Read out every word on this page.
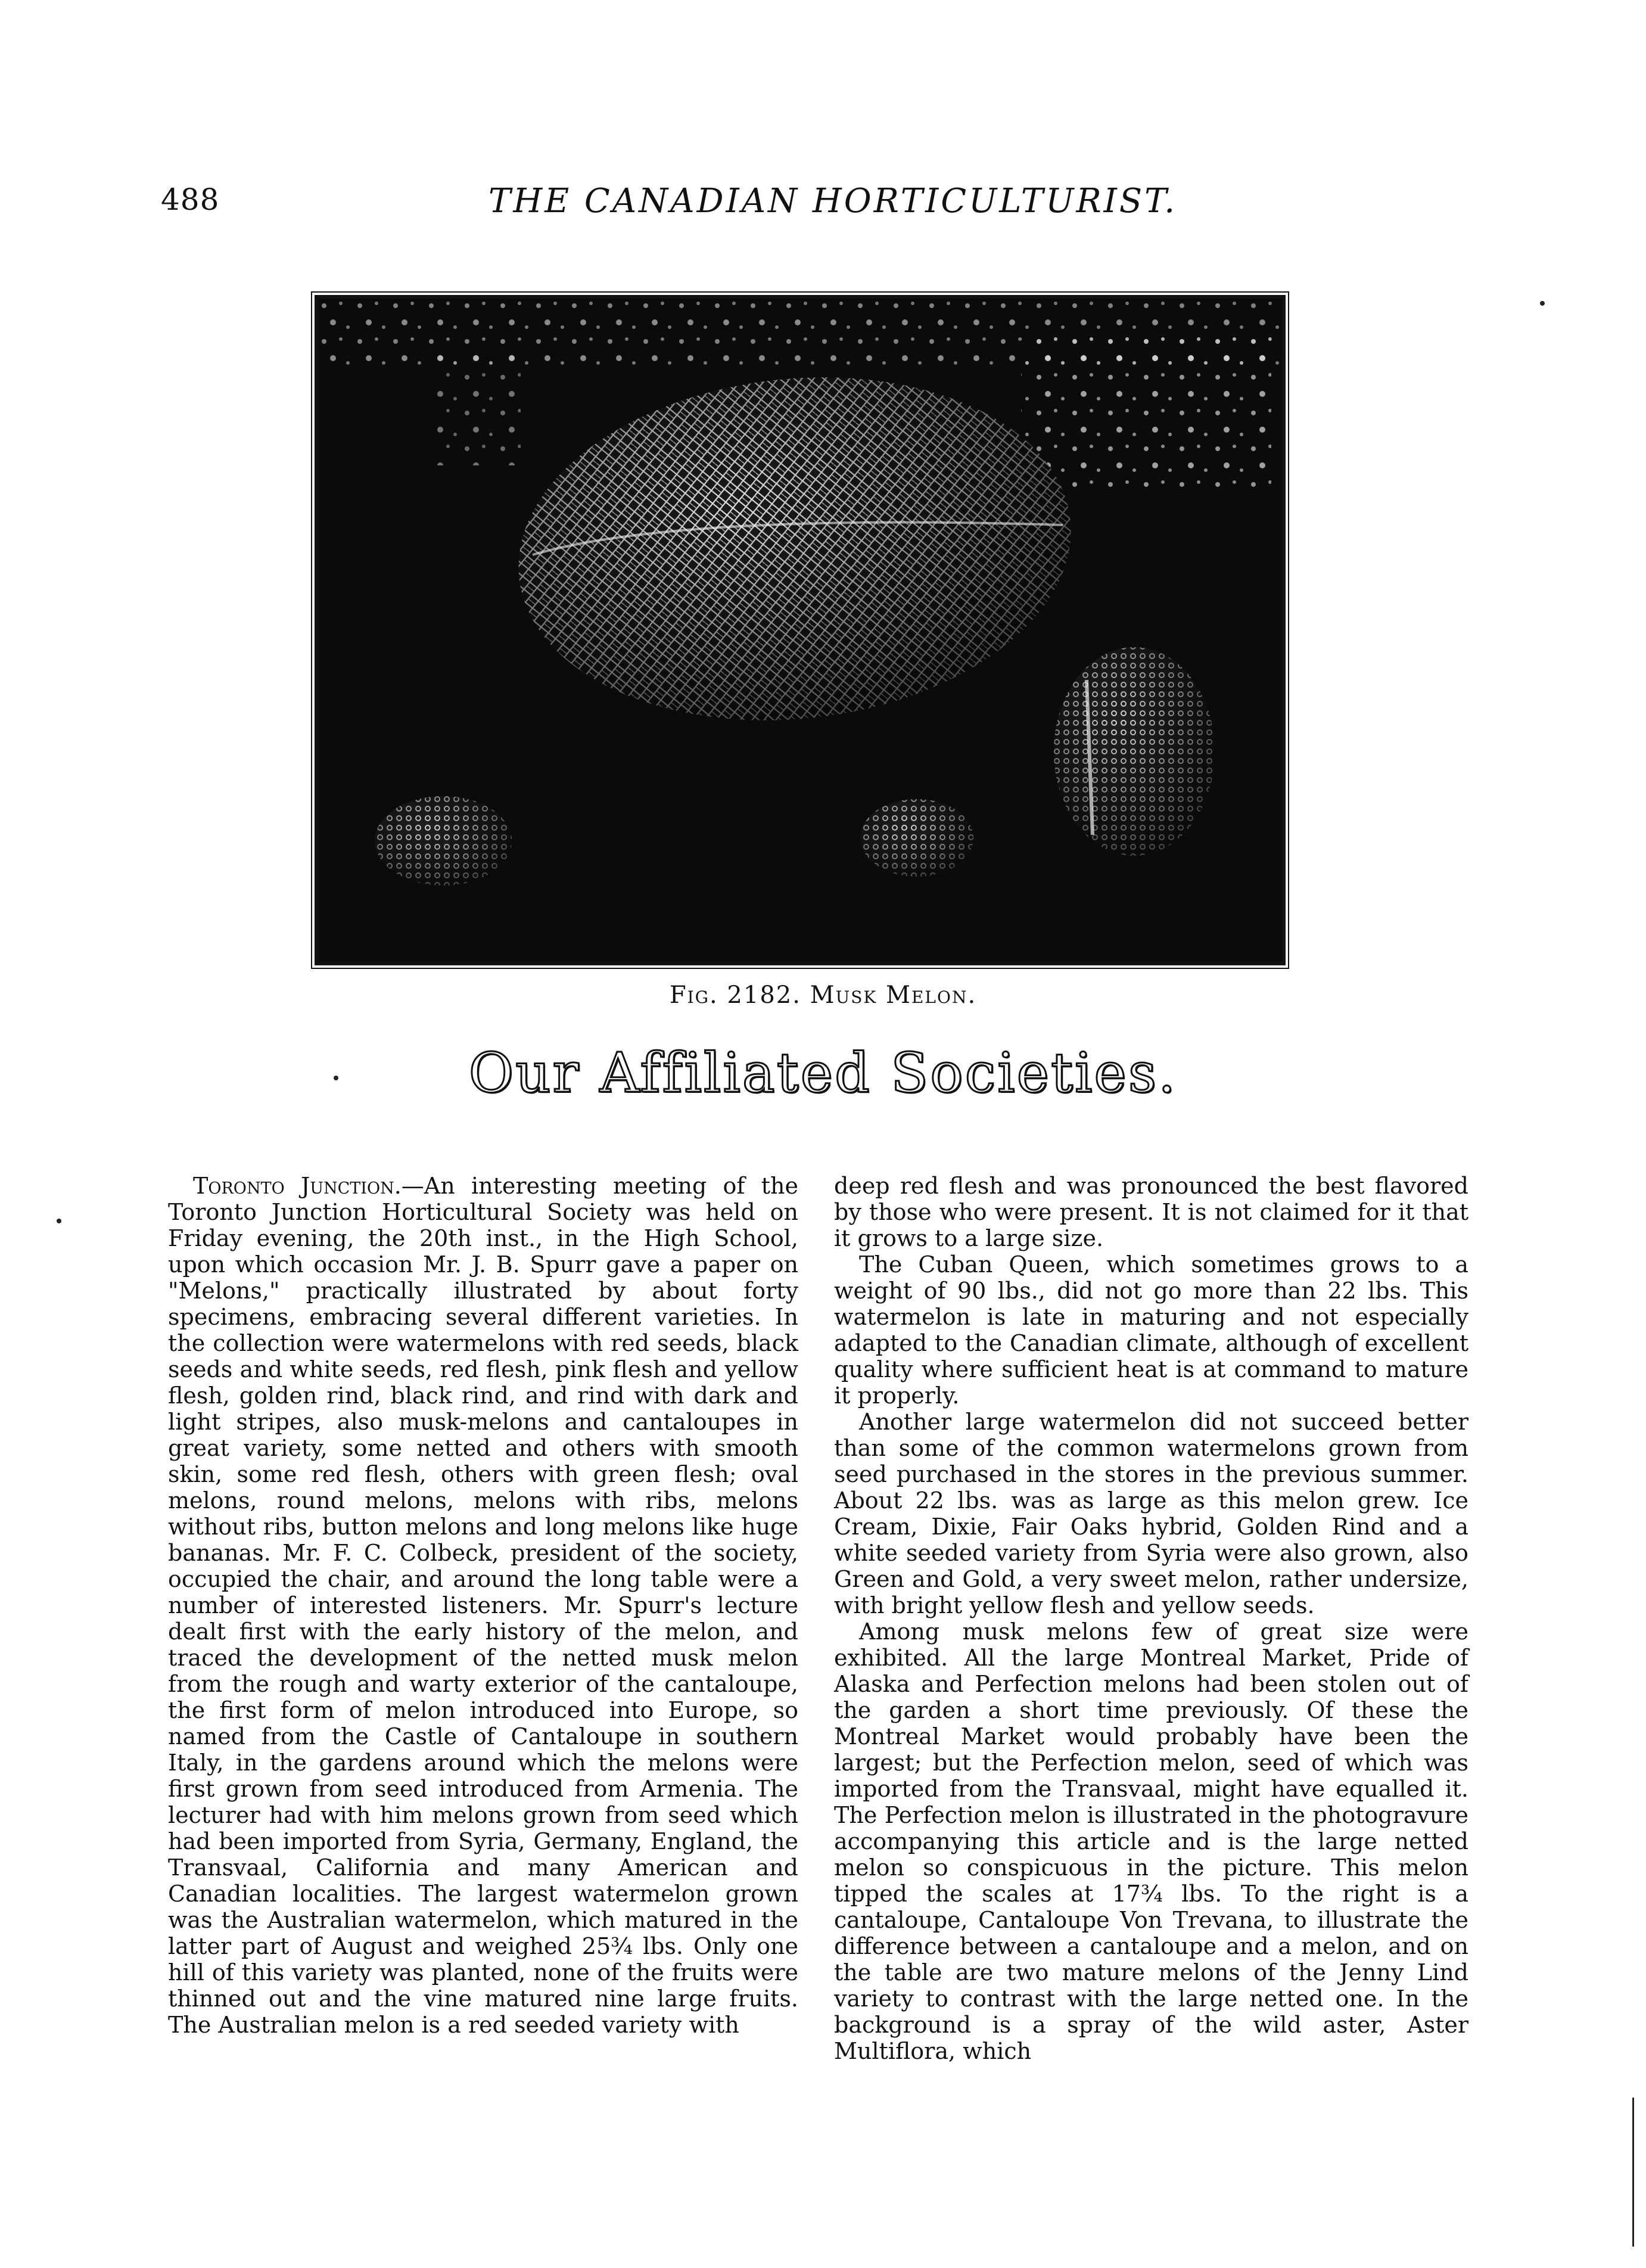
488	THE CANADIAN HORTICULTURIST.
Fig. 2182. Musk Melon.
Our Affiliated Societies.

Toronto Junction.—An interesting meeting of the Toronto Junction Horticultural Society was held on Friday evening, the 20th inst., in the High School, upon which occasion Mr. J. B. Spurr gave a paper on "Melons," practically illustrated by about forty specimens, embracing several different varieties. In the collection were watermelons with red seeds, black seeds and white seeds, red flesh, pink flesh and yellow flesh, golden rind, black rind, and rind with dark and light stripes, also musk-melons and cantaloupes in great variety, some netted and others with smooth skin, some red flesh, others with green flesh; oval melons, round melons, melons with ribs, melons without ribs, button melons and long melons like huge bananas. Mr. F. C. Colbeck, president of the society, occupied the chair, and around the long table were a number of interested listeners. Mr. Spurr's lecture dealt first with the early history of the melon, and traced the development of the netted musk melon from the rough and warty exterior of the cantaloupe, the first form of melon introduced into Europe, so named from the Castle of Cantaloupe in southern Italy, in the gardens around which the melons were first grown from seed introduced from Armenia. The lecturer had with him melons grown from seed which had been imported from Syria, Germany, England, the Transvaal, California and many American and Canadian localities. The largest watermelon grown was the Australian watermelon, which matured in the latter part of August and weighed 25¾ lbs. Only one hill of this variety was planted, none of the fruits were thinned out and the vine matured nine large fruits. The Australian melon is a red seeded variety with

deep red flesh and was pronounced the best flavored by those who were present. It is not claimed for it that it grows to a large size.

The Cuban Queen, which sometimes grows to a weight of 90 lbs., did not go more than 22 lbs. This watermelon is late in maturing and not especially adapted to the Canadian climate, although of excellent quality where sufficient heat is at command to mature it properly.

Another large watermelon did not succeed better than some of the common watermelons grown from seed purchased in the stores in the previous summer. About 22 lbs. was as large as this melon grew. Ice Cream, Dixie, Fair Oaks hybrid, Golden Rind and a white seeded variety from Syria were also grown, also Green and Gold, a very sweet melon, rather undersize, with bright yellow flesh and yellow seeds.

Among musk melons few of great size were exhibited. All the large Montreal Market, Pride of Alaska and Perfection melons had been stolen out of the garden a short time previously. Of these the Montreal Market would probably have been the largest; but the Perfection melon, seed of which was imported from the Transvaal, might have equalled it. The Perfection melon is illustrated in the photogravure accompanying this article and is the large netted melon so conspicuous in the picture. This melon tipped the scales at 17¾ lbs. To the right is a cantaloupe, Cantaloupe Von Trevana, to illustrate the difference between a cantaloupe and a melon, and on the table are two mature melons of the Jenny Lind variety to contrast with the large netted one. In the background is a spray of the wild aster, Aster Multiflora, which
